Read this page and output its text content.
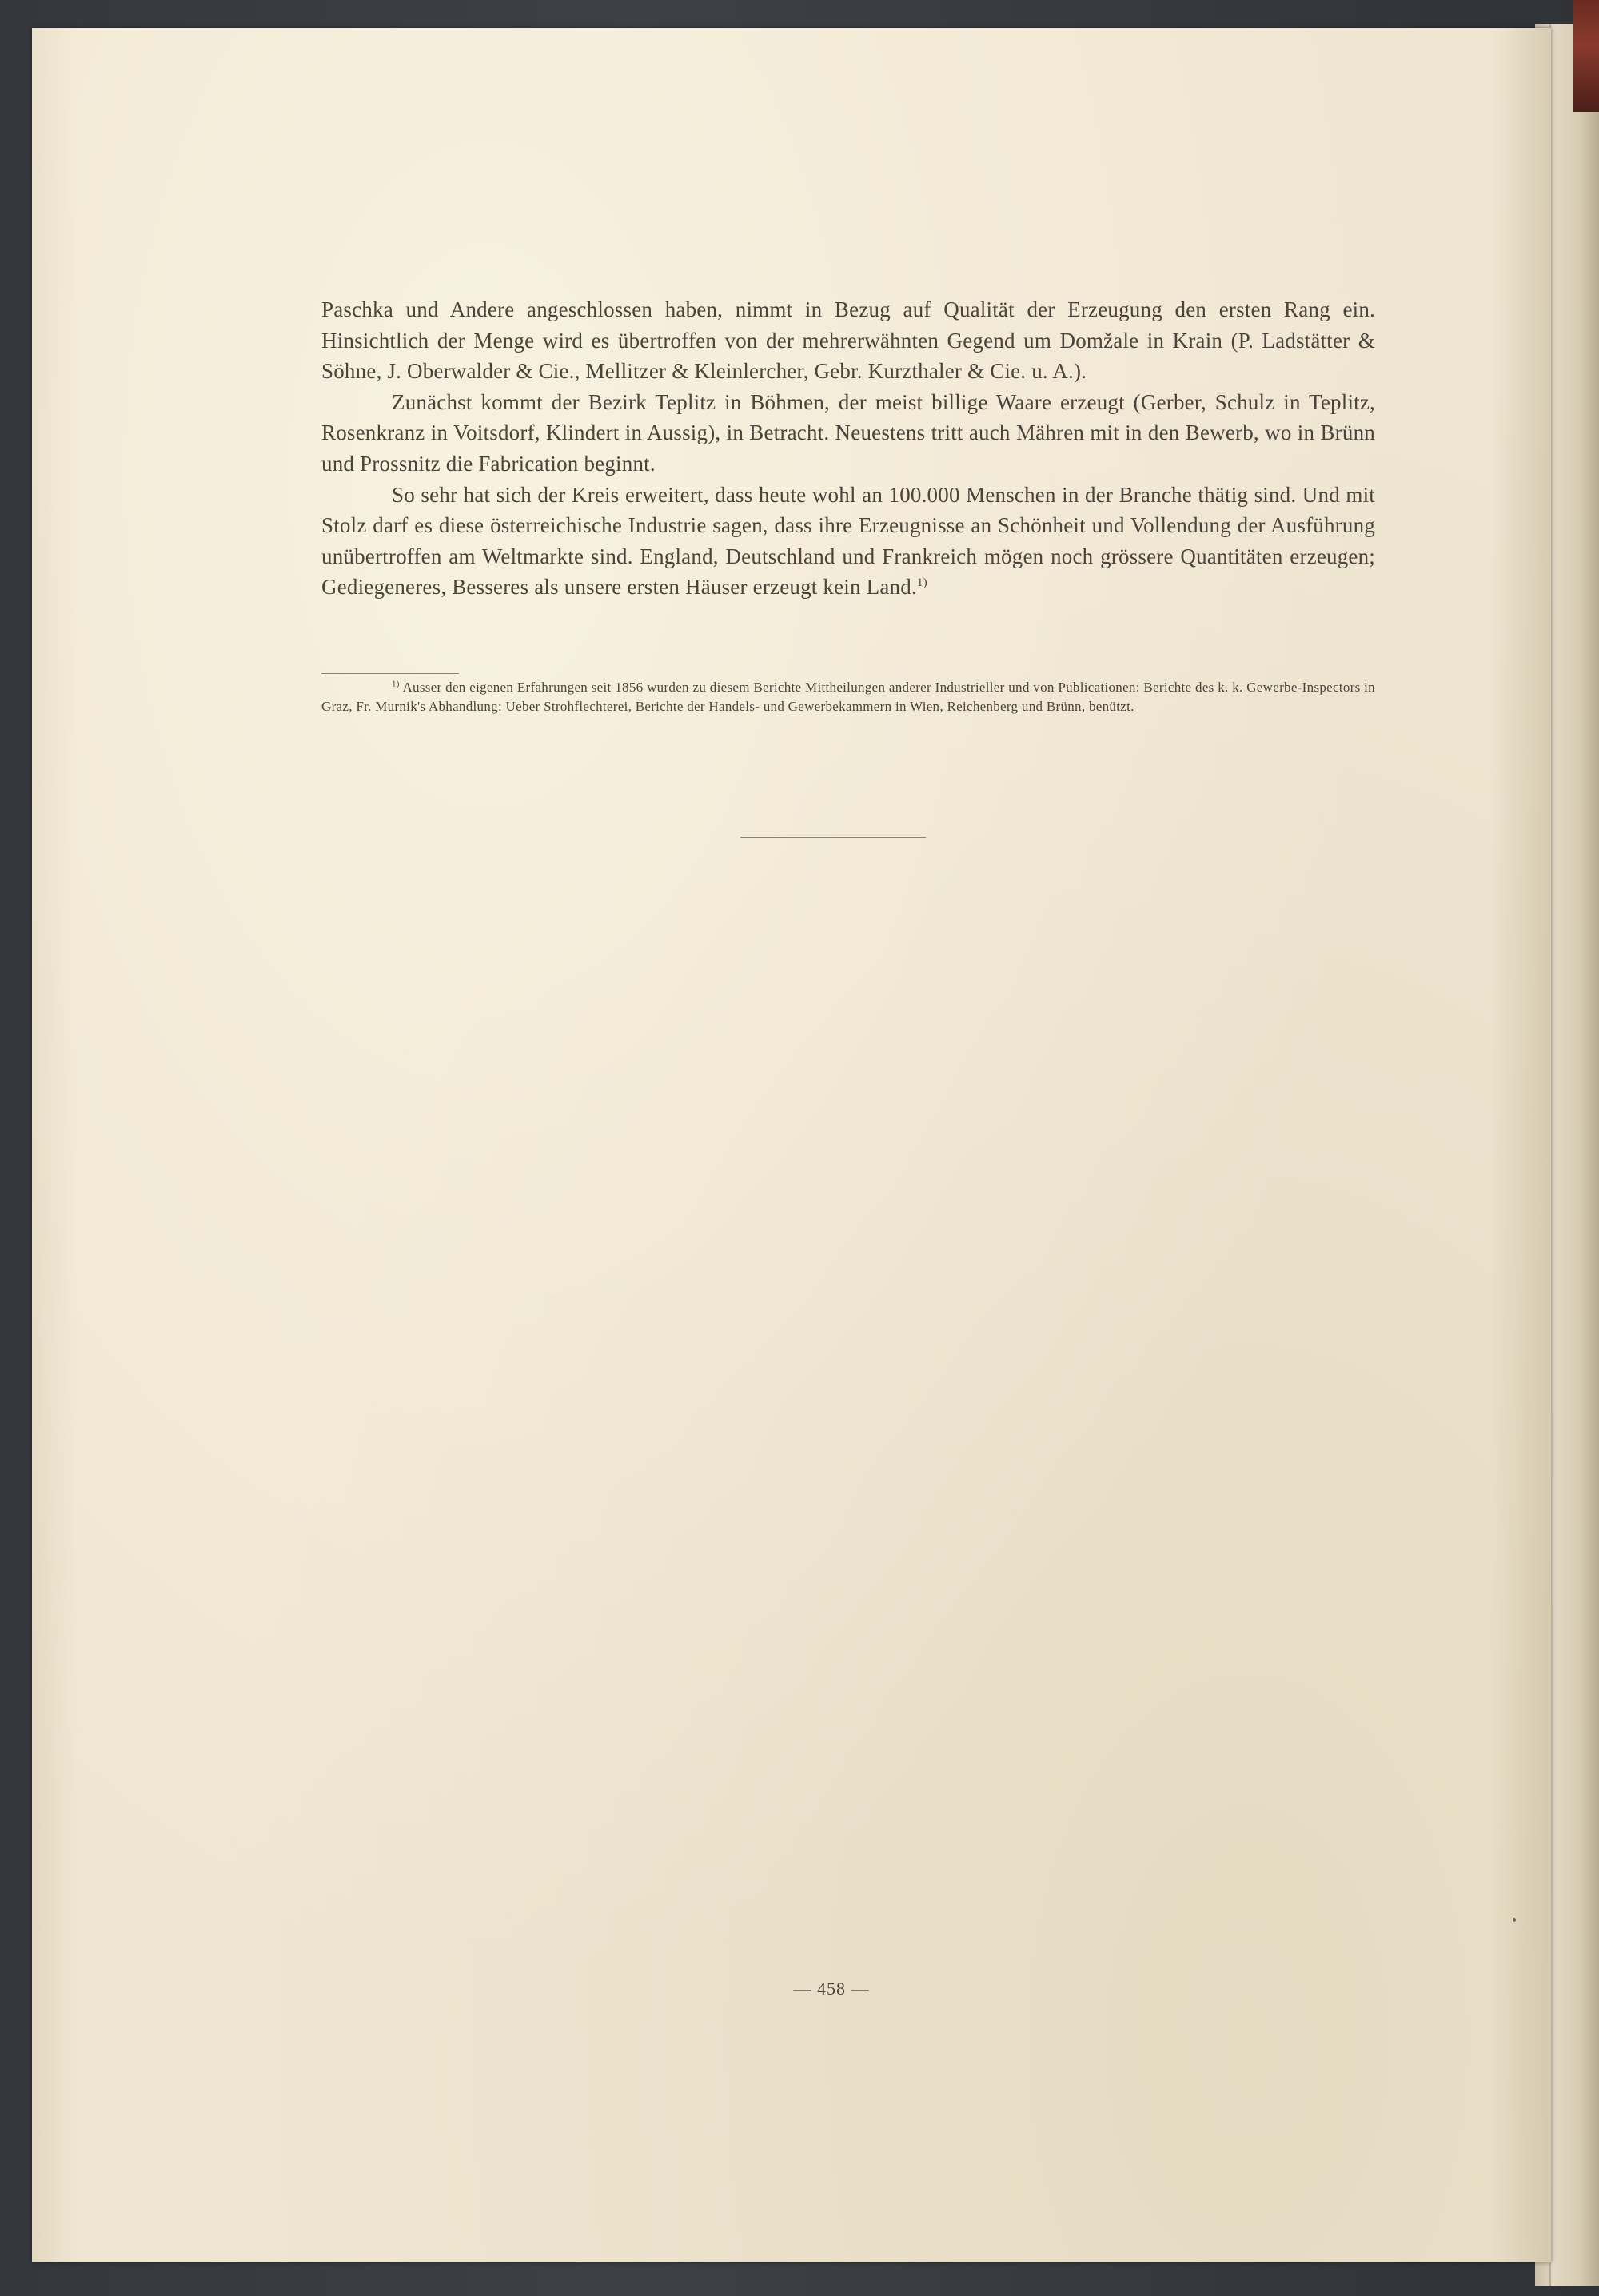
Paschka und Andere angeschlossen haben, nimmt in Bezug auf Qualität der Erzeugung den ersten Rang ein. Hinsichtlich der Menge wird es übertroffen von der mehrerwähnten Gegend um Domžale in Krain (P. Ladstätter & Söhne, J. Oberwalder & Cie., Mellitzer & Kleinlercher, Gebr. Kurzthaler & Cie. u. A.).

Zunächst kommt der Bezirk Teplitz in Böhmen, der meist billige Waare erzeugt (Gerber, Schulz in Teplitz, Rosenkranz in Voitsdorf, Klindert in Aussig), in Betracht. Neuestens tritt auch Mähren mit in den Bewerb, wo in Brünn und Prossnitz die Fabrication beginnt.

So sehr hat sich der Kreis erweitert, dass heute wohl an 100.000 Menschen in der Branche thätig sind. Und mit Stolz darf es diese österreichische Industrie sagen, dass ihre Erzeugnisse an Schönheit und Vollendung der Ausführung unübertroffen am Weltmarkte sind. England, Deutschland und Frankreich mögen noch grössere Quantitäten erzeugen; Gediegeneres, Besseres als unsere ersten Häuser erzeugt kein Land.$^{1)}$

$^{1)}$ Ausser den eigenen Erfahrungen seit 1856 wurden zu diesem Berichte Mittheilungen anderer Industrieller und von Publicationen: Berichte des k. k. Gewerbe-Inspectors in Graz, Fr. Murnik's Abhandlung: Ueber Strohflechterei, Berichte der Handels- und Gewerbekammern in Wien, Reichenberg und Brünn, benützt.

— 458 —
